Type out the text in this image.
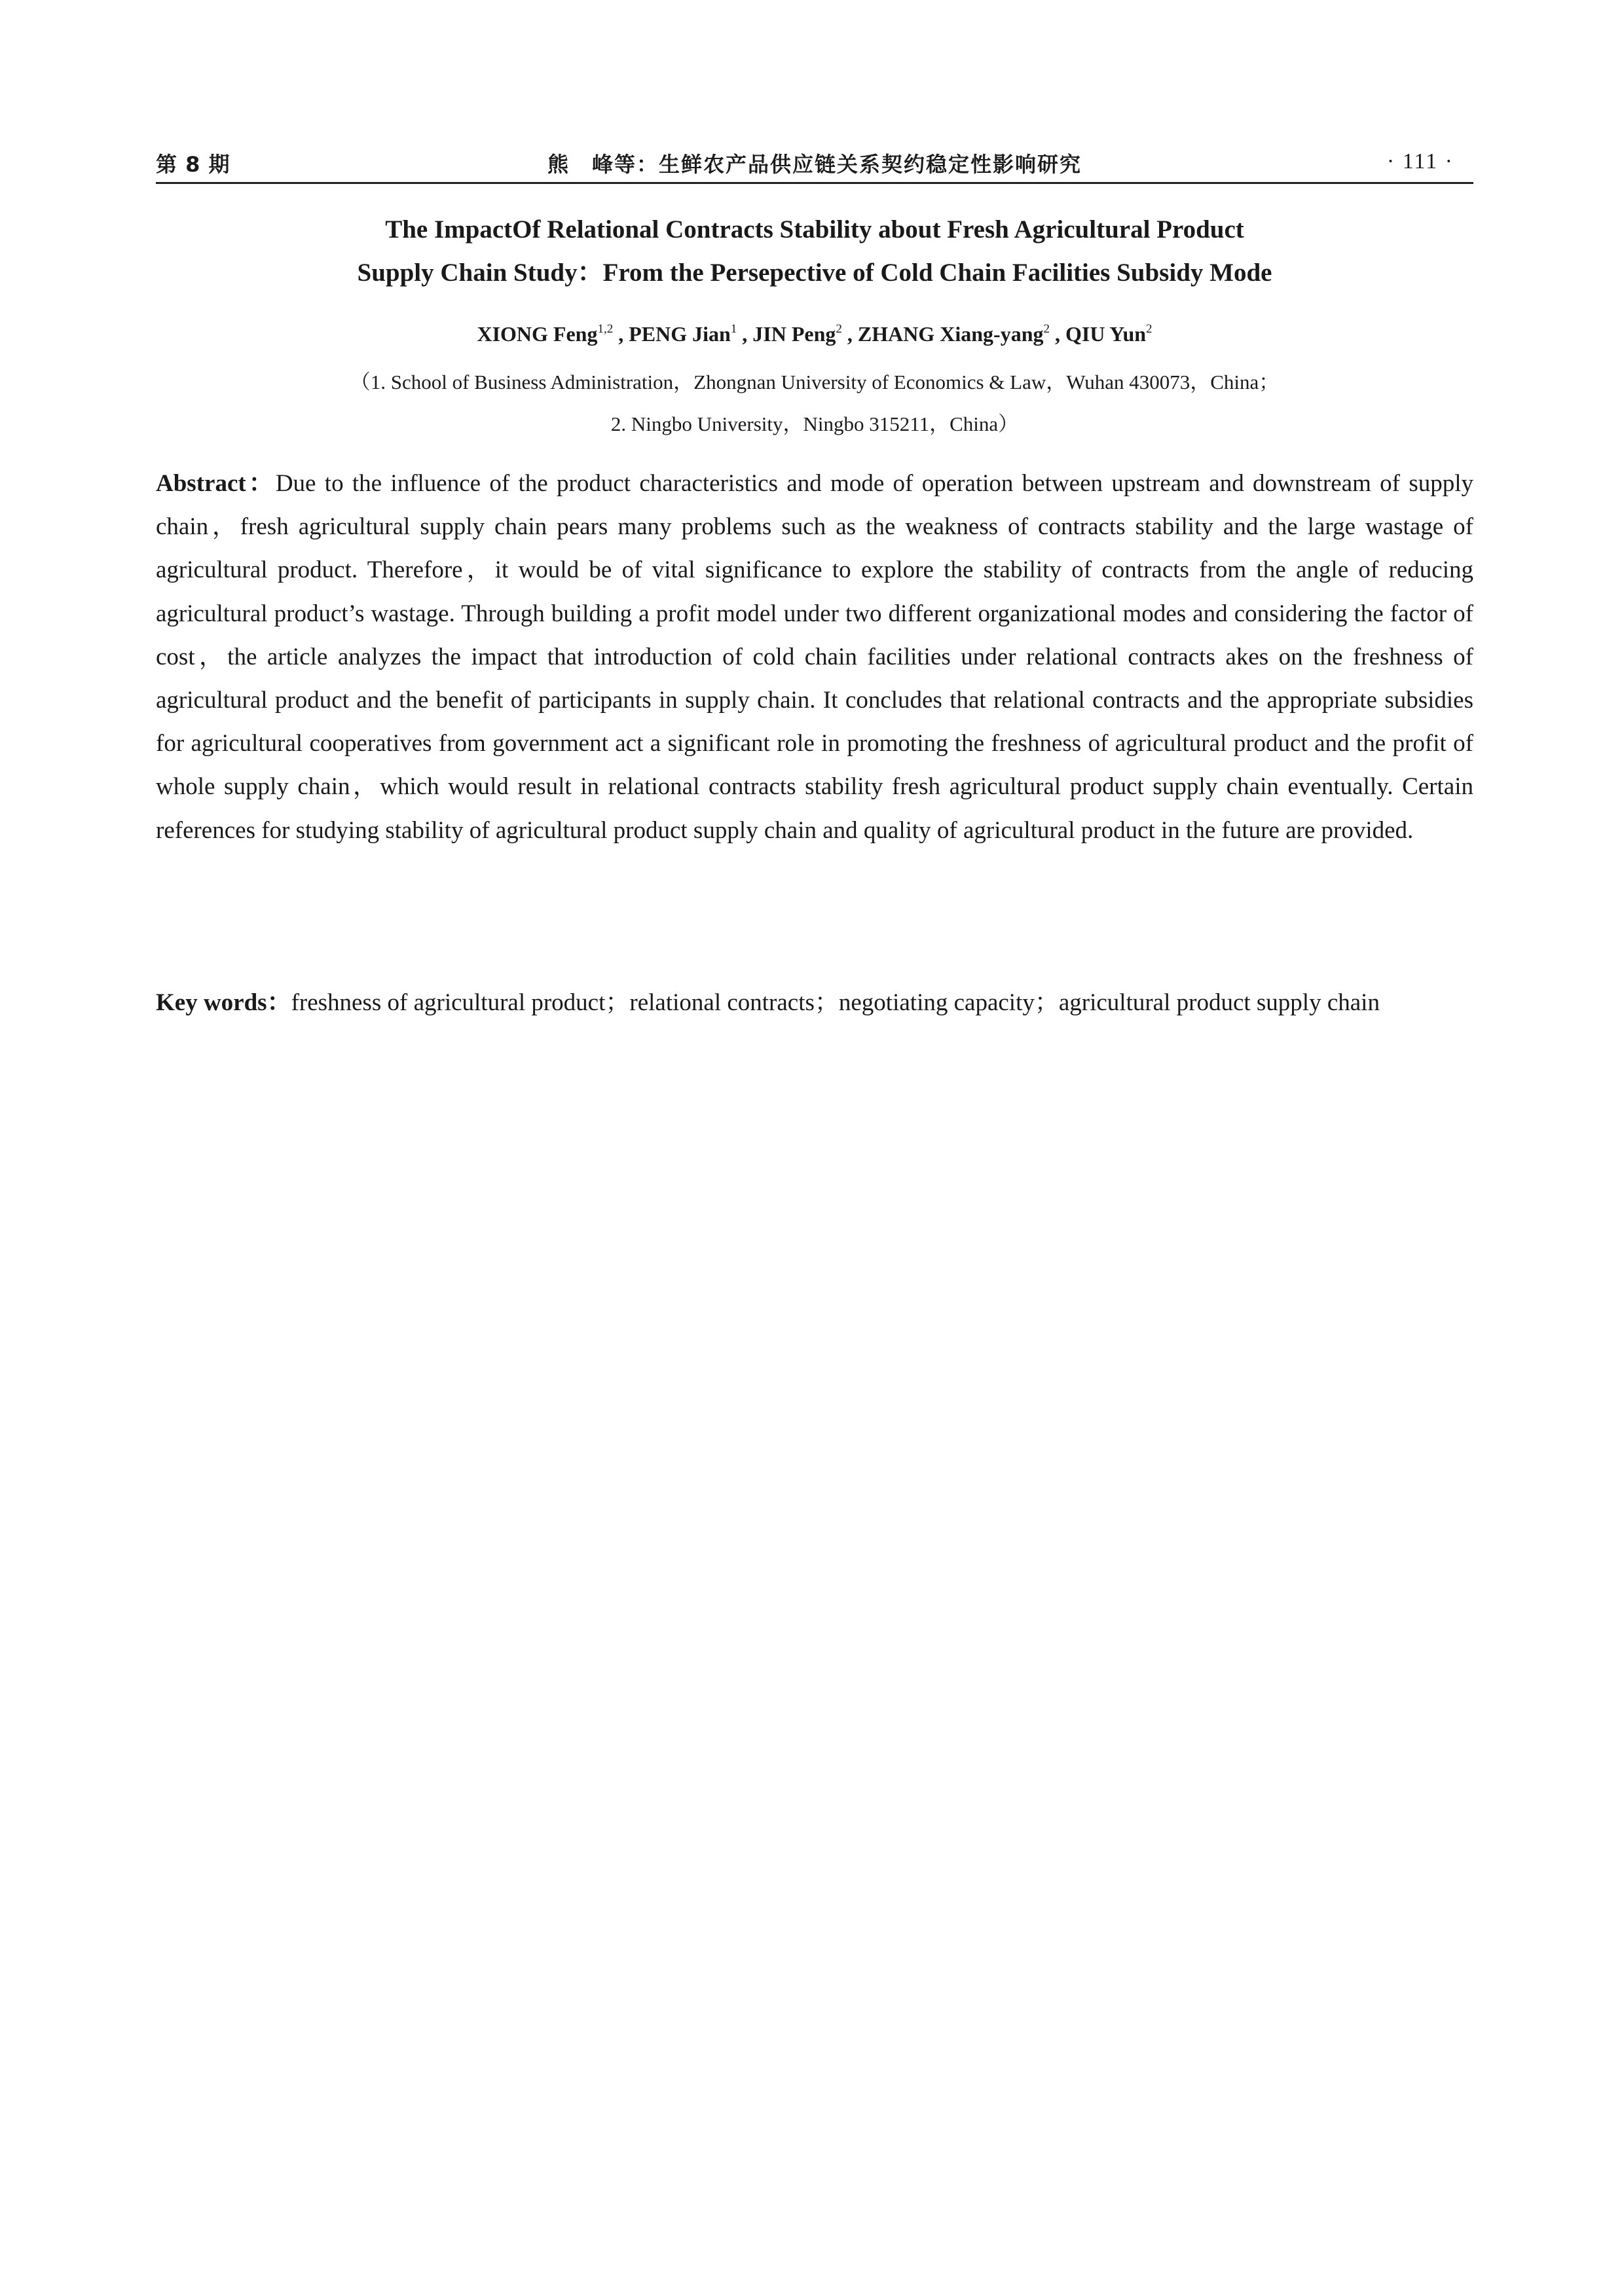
第 8 期	熊　峰等：生鲜农产品供应链关系契约稳定性影响研究	· 111 ·
The ImpactOf Relational Contracts Stability about Fresh Agricultural Product
Supply Chain Study：From the Persepective of Cold Chain Facilities Subsidy Mode
XIONG Feng$^{1,2}$ , PENG Jian$^1$ , JIN Peng$^2$ , ZHANG Xiang-yang$^2$ , QIU Yun$^2$
（1. School of Business Administration，Zhongnan University of Economics & Law，Wuhan 430073，China；
2. Ningbo University，Ningbo 315211，China）

Abstract：Due to the influence of the product characteristics and mode of operation between upstream and downstream of supply chain，fresh agricultural supply chain pears many problems such as the weakness of contracts stability and the large wastage of agricultural product. Therefore，it would be of vital significance to explore the stability of contracts from the angle of reducing agricultural product’s wastage. Through building a profit model under two different organizational modes and considering the factor of cost，the article analyzes the impact that introduction of cold chain facilities under relational contracts akes on the freshness of agricultural product and the benefit of participants in supply chain. It concludes that relational contracts and the appropriate subsidies for agricultural cooperatives from government act a significant role in promoting the freshness of agricultural product and the profit of whole supply chain，which would result in relational contracts stability fresh agricultural product supply chain eventually. Certain references for studying stability of agricultural product supply chain and quality of agricultural product in the future are provided.

Key words：freshness of agricultural product；relational contracts；negotiating capacity；agricultural product supply chain
